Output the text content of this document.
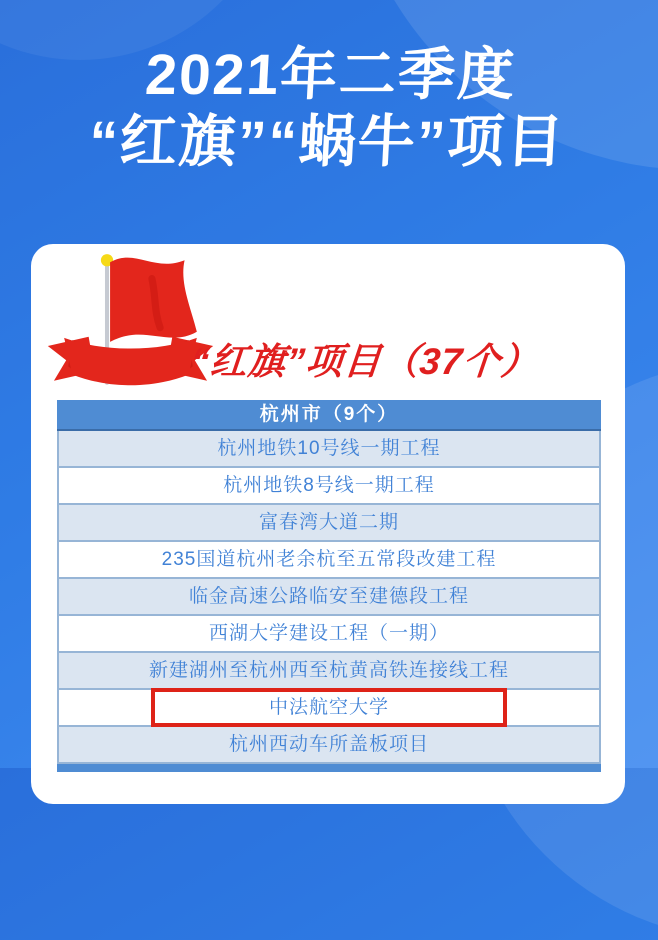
2021年二季度
“红旗”“蜗牛”项目
“红旗”项目（37个）
杭州市（9个）
杭州地铁10号线一期工程
杭州地铁8号线一期工程
富春湾大道二期
235国道杭州老余杭至五常段改建工程
临金高速公路临安至建德段工程
西湖大学建设工程（一期）
新建湖州至杭州西至杭黄高铁连接线工程
中法航空大学
杭州西动车所盖板项目
